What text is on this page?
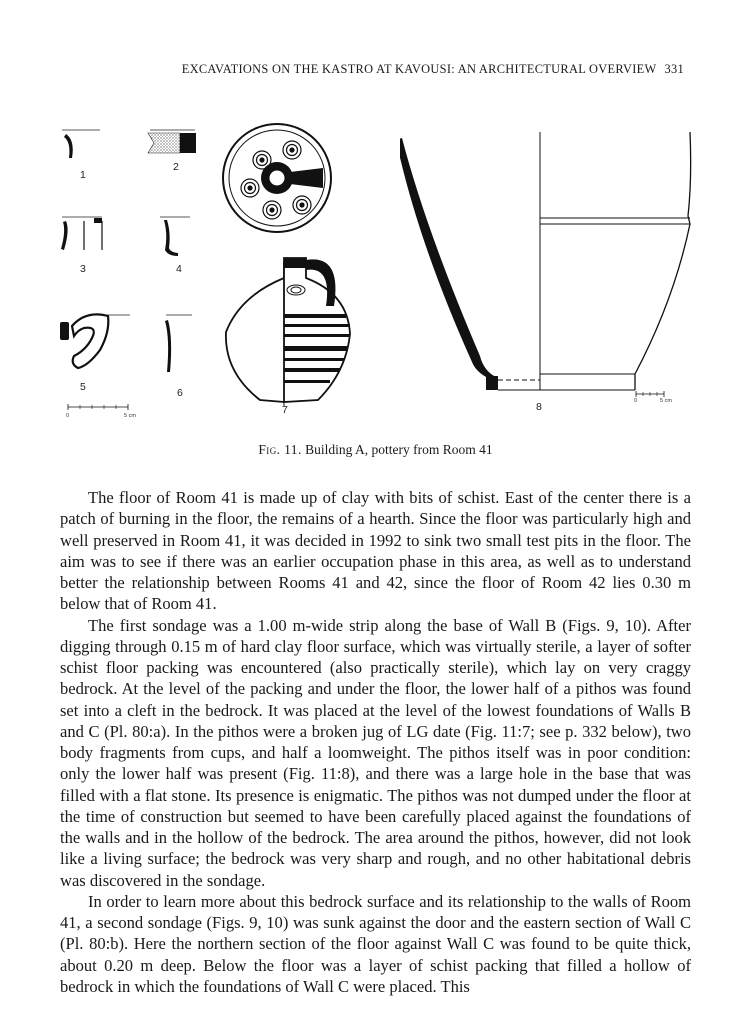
EXCAVATIONS ON THE KASTRO AT KAVOUSI: AN ARCHITECTURAL OVERVIEW 331
0	5 cm
0	5 cm
1
2
3	4
5	6
7	8
Fig. 11. Building A, pottery from Room 41

The floor of Room 41 is made up of clay with bits of schist. East of the center there is a patch of burning in the floor, the remains of a hearth. Since the floor was particularly high and well preserved in Room 41, it was decided in 1992 to sink two small test pits in the floor. The aim was to see if there was an earlier occupation phase in this area, as well as to understand better the relationship between Rooms 41 and 42, since the floor of Room 42 lies 0.30 m below that of Room 41.

The first sondage was a 1.00 m-wide strip along the base of Wall B (Figs. 9, 10). After digging through 0.15 m of hard clay floor surface, which was virtually sterile, a layer of softer schist floor packing was encountered (also practically sterile), which lay on very craggy bedrock. At the level of the packing and under the floor, the lower half of a pithos was found set into a cleft in the bedrock. It was placed at the level of the lowest foundations of Walls B and C (Pl. 80:a). In the pithos were a broken jug of LG date (Fig. 11:7; see p. 332 below), two body fragments from cups, and half a loomweight. The pithos itself was in poor condition: only the lower half was present (Fig. 11:8), and there was a large hole in the base that was filled with a flat stone. Its presence is enigmatic. The pithos was not dumped under the floor at the time of construction but seemed to have been carefully placed against the foundations of the walls and in the hollow of the bedrock. The area around the pithos, however, did not look like a living surface; the bedrock was very sharp and rough, and no other habitational debris was discovered in the sondage.

In order to learn more about this bedrock surface and its relationship to the walls of Room 41, a second sondage (Figs. 9, 10) was sunk against the door and the eastern section of Wall C (Pl. 80:b). Here the northern section of the floor against Wall C was found to be quite thick, about 0.20 m deep. Below the floor was a layer of schist packing that filled a hollow of bedrock in which the foundations of Wall C were placed. This
